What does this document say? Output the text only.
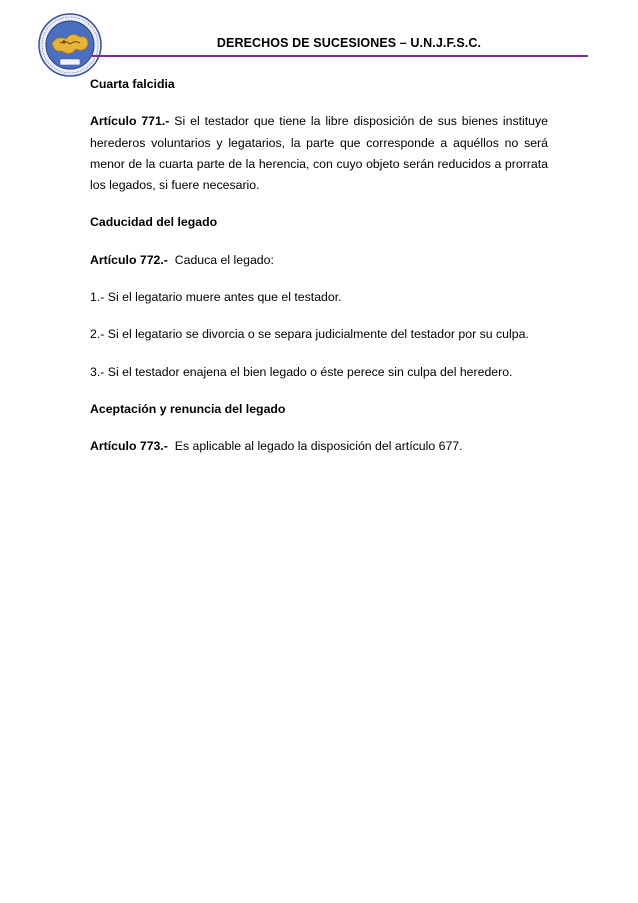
DERECHOS DE SUCESIONES – U.N.J.F.S.C.

Cuarta falcidia

Artículo 771.- Si el testador que tiene la libre disposición de sus bienes instituye herederos voluntarios y legatarios, la parte que corresponde a aquéllos no será menor de la cuarta parte de la herencia, con cuyo objeto serán reducidos a prorrata los legados, si fuere necesario.

Caducidad del legado

Artículo 772.-  Caduca el legado:

1.- Si el legatario muere antes que el testador.

2.- Si el legatario se divorcia o se separa judicialmente del testador por su culpa.

3.- Si el testador enajena el bien legado o éste perece sin culpa del heredero.

Aceptación y renuncia del legado

Artículo 773.-  Es aplicable al legado la disposición del artículo 677.
